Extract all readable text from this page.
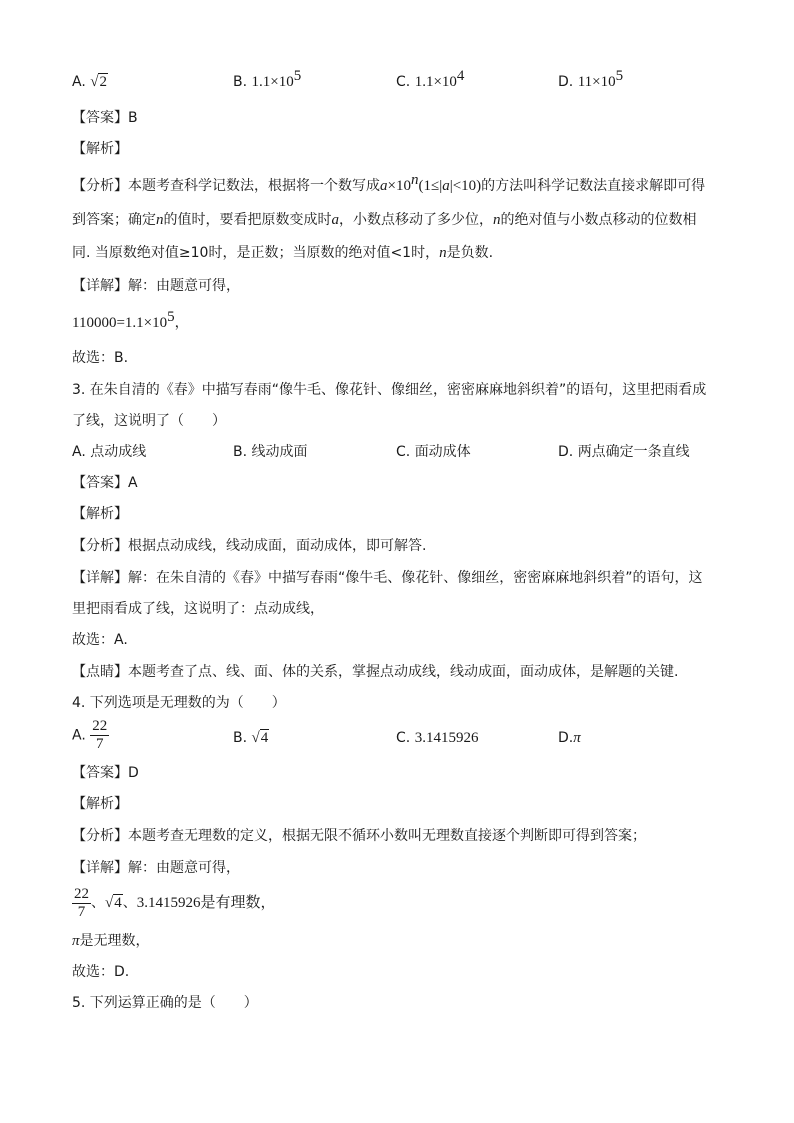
A. √2	B. $1.1\times 10^5$	C. $1.1\times 10^4$	D. $11\times 10^5$
【答案】B
【解析】
【分析】本题考查科学记数法，根据将一个数写成$a\times 10^n(1\le|a|<10)$的方法叫科学记数法直接求解即可得
到答案；确定n的值时，要看把原数变成时a，小数点移动了多少位，n的绝对值与小数点移动的位数相
同. 当原数绝对值≥10时，是正数；当原数的绝对值<1时，n是负数.
【详解】解：由题意可得，
$110000=1.1\times 10^5$，
故选：B.
3. 在朱自清的《春》中描写春雨“像牛毛、像花针、像细丝，密密麻麻地斜织着”的语句，这里把雨看成
了线，这说明了（　　）
A. 点动成线	B. 线动成面	C. 面动成体	D. 两点确定一条直线
【答案】A
【解析】
【分析】根据点动成线，线动成面，面动成体，即可解答.
【详解】解：在朱自清的《春》中描写春雨“像牛毛、像花针、像细丝，密密麻麻地斜织着”的语句，这
里把雨看成了线，这说明了：点动成线，
故选：A.
【点睛】本题考查了点、线、面、体的关系，掌握点动成线，线动成面，面动成体，是解题的关键.
4. 下列选项是无理数的为（　　）
A. $\frac{22}{7}$	B. √4	C. 3.1415926	D.π
【答案】D
【解析】
【分析】本题考查无理数的定义，根据无限不循环小数叫无理数直接逐个判断即可得到答案；
【详解】解：由题意可得，
$\frac{22}{7}$ 、√4、3.1415926是有理数，
π是无理数，
故选：D.
5. 下列运算正确的是（　　）
